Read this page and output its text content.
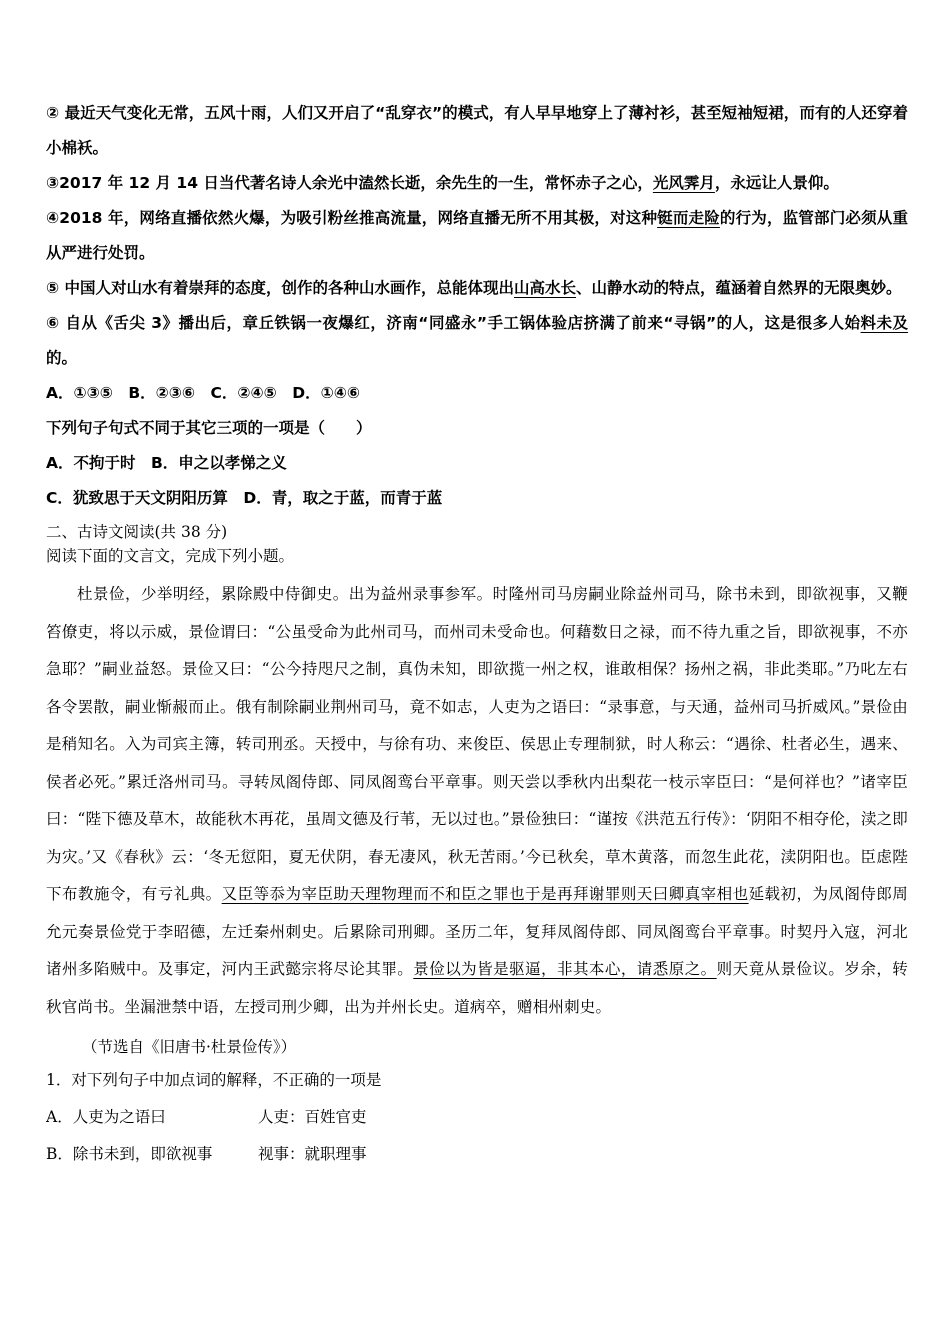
② 最近天气变化无常，五风十雨，人们又开启了“乱穿衣”的模式，有人早早地穿上了薄衬衫，甚至短袖短裙，而有的人还穿着小棉袄。

③2017 年 12 月 14 日当代著名诗人余光中溘然长逝，余先生的一生，常怀赤子之心，光风霁月，永远让人景仰。

④2018 年，网络直播依然火爆，为吸引粉丝推高流量，网络直播无所不用其极，对这种铤而走险的行为，监管部门必须从重从严进行处罚。

⑤ 中国人对山水有着崇拜的态度，创作的各种山水画作，总能体现出山高水长、山静水动的特点，蕴涵着自然界的无限奥妙。

⑥ 自从《舌尖 3》播出后，章丘铁锅一夜爆红，济南“同盛永”手工锅体验店挤满了前来“寻锅”的人，这是很多人始料未及的。

A．①③⑤　B．②③⑥　C．②④⑤　D．①④⑥

下列句子句式不同于其它三项的一项是（　　）

A．不拘于时　B．申之以孝悌之义

C．犹致思于天文阴阳历算　D．青，取之于蓝，而青于蓝

二、古诗文阅读(共 38 分)

阅读下面的文言文，完成下列小题。

杜景俭，少举明经，累除殿中侍御史。出为益州录事参军。时隆州司马房嗣业除益州司马，除书未到，即欲视事，又鞭笞僚吏，将以示威，景俭谓曰：“公虽受命为此州司马，而州司未受命也。何藉数日之禄，而不待九重之旨，即欲视事，不亦急耶？”嗣业益怒。景俭又曰：“公今持咫尺之制，真伪未知，即欲揽一州之权，谁敢相保？扬州之祸，非此类耶。”乃叱左右各令罢散，嗣业惭赧而止。俄有制除嗣业荆州司马，竟不如志，人吏为之语曰：“录事意，与天通，益州司马折威风。”景俭由是稍知名。入为司宾主簿，转司刑丞。天授中，与徐有功、来俊臣、侯思止专理制狱，时人称云：“遇徐、杜者必生，遇来、侯者必死。”累迁洛州司马。寻转凤阁侍郎、同凤阁鸾台平章事。则天尝以季秋内出梨花一枝示宰臣曰：“是何祥也？”诸宰臣曰：“陛下德及草木，故能秋木再花，虽周文德及行苇，无以过也。”景俭独曰：“谨按《洪范五行传》：‘阴阳不相夺伦，渎之即为灾。’又《春秋》云：‘冬无愆阳，夏无伏阴，春无凄风，秋无苦雨。’今已秋矣，草木黄落，而忽生此花，渎阴阳也。臣虑陛下布教施令，有亏礼典。又臣等忝为宰臣助天理物理而不和臣之罪也于是再拜谢罪则天曰卿真宰相也延载初，为凤阁侍郎周允元奏景俭党于李昭德，左迁秦州刺史。后累除司刑卿。圣历二年，复拜凤阁侍郎、同凤阁鸾台平章事。时契丹入寇，河北诸州多陷贼中。及事定，河内王武懿宗将尽论其罪。景俭以为皆是驱逼，非其本心，请悉原之。则天竟从景俭议。岁余，转秋官尚书。坐漏泄禁中语，左授司刑少卿，出为并州长史。道病卒，赠相州刺史。

（节选自《旧唐书·杜景俭传》）

1．对下列句子中加点词的解释，不正确的一项是

A．人吏为之语曰	人吏：百姓官吏

B．除书未到，即欲视事	视事：就职理事
